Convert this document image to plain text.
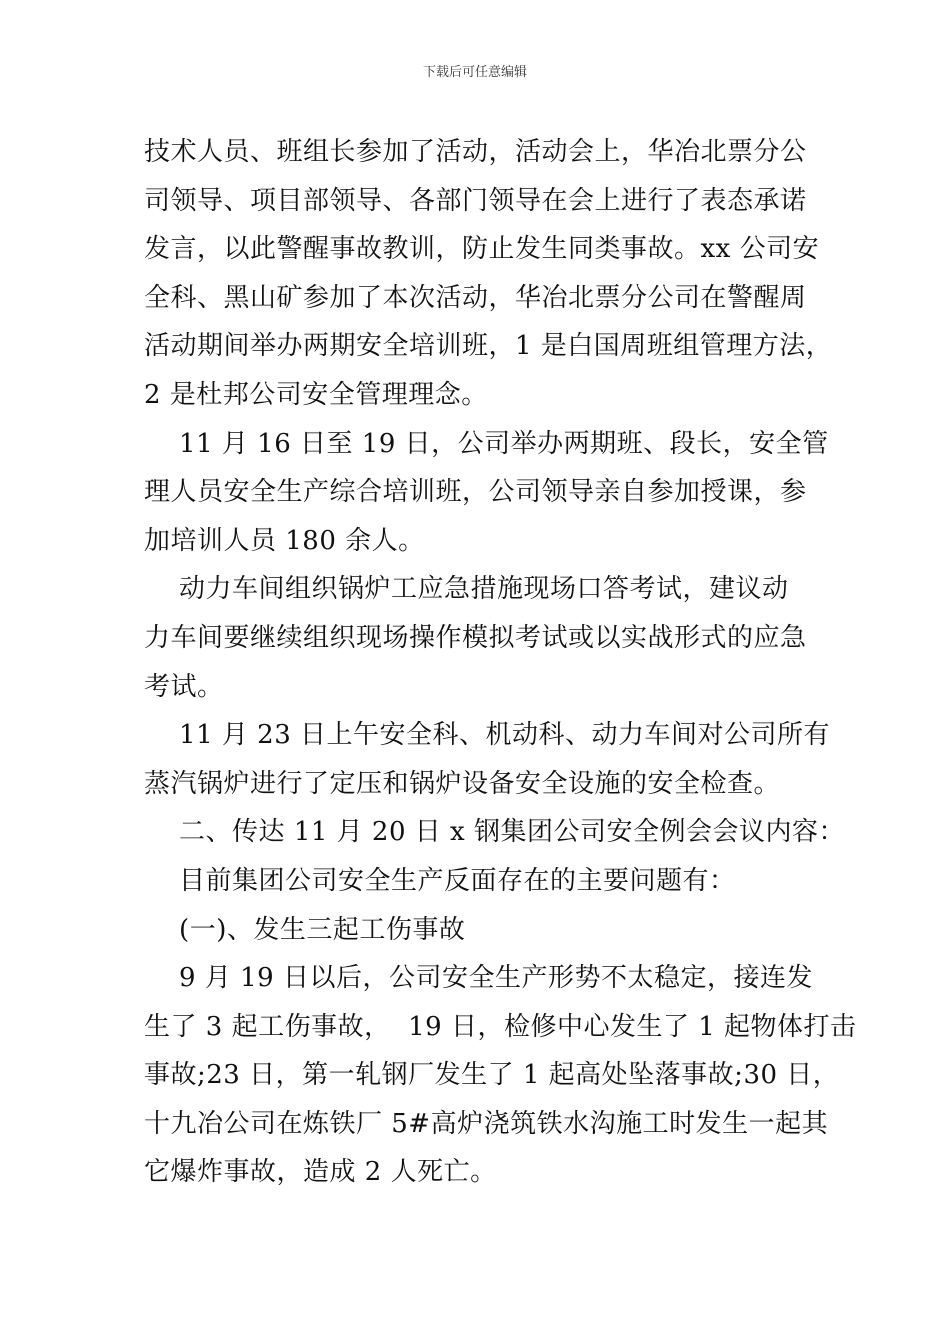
下载后可任意编辑
技术人员、班组长参加了活动，活动会上，华冶北票分公
司领导、项目部领导、各部门领导在会上进行了表态承诺
发言，以此警醒事故教训，防止发生同类事故。xx 公司安
全科、黑山矿参加了本次活动，华冶北票分公司在警醒周
活动期间举办两期安全培训班，1 是白国周班组管理方法，
2 是杜邦公司安全管理理念。
11 月 16 日至 19 日，公司举办两期班、段长，安全管
理人员安全生产综合培训班，公司领导亲自参加授课，参
加培训人员 180 余人。
动力车间组织锅炉工应急措施现场口答考试，建议动
力车间要继续组织现场操作模拟考试或以实战形式的应急
考试。
11 月 23 日上午安全科、机动科、动力车间对公司所有
蒸汽锅炉进行了定压和锅炉设备安全设施的安全检查。
二、传达 11 月 20 日 x 钢集团公司安全例会会议内容：
目前集团公司安全生产反面存在的主要问题有：
(一)、发生三起工伤事故
9 月 19 日以后，公司安全生产形势不太稳定，接连发
生了 3 起工伤事故，  19 日，检修中心发生了 1 起物体打击
事故;23 日，第一轧钢厂发生了 1 起高处坠落事故;30 日，
十九冶公司在炼铁厂 5#高炉浇筑铁水沟施工时发生一起其
它爆炸事故，造成 2 人死亡。
